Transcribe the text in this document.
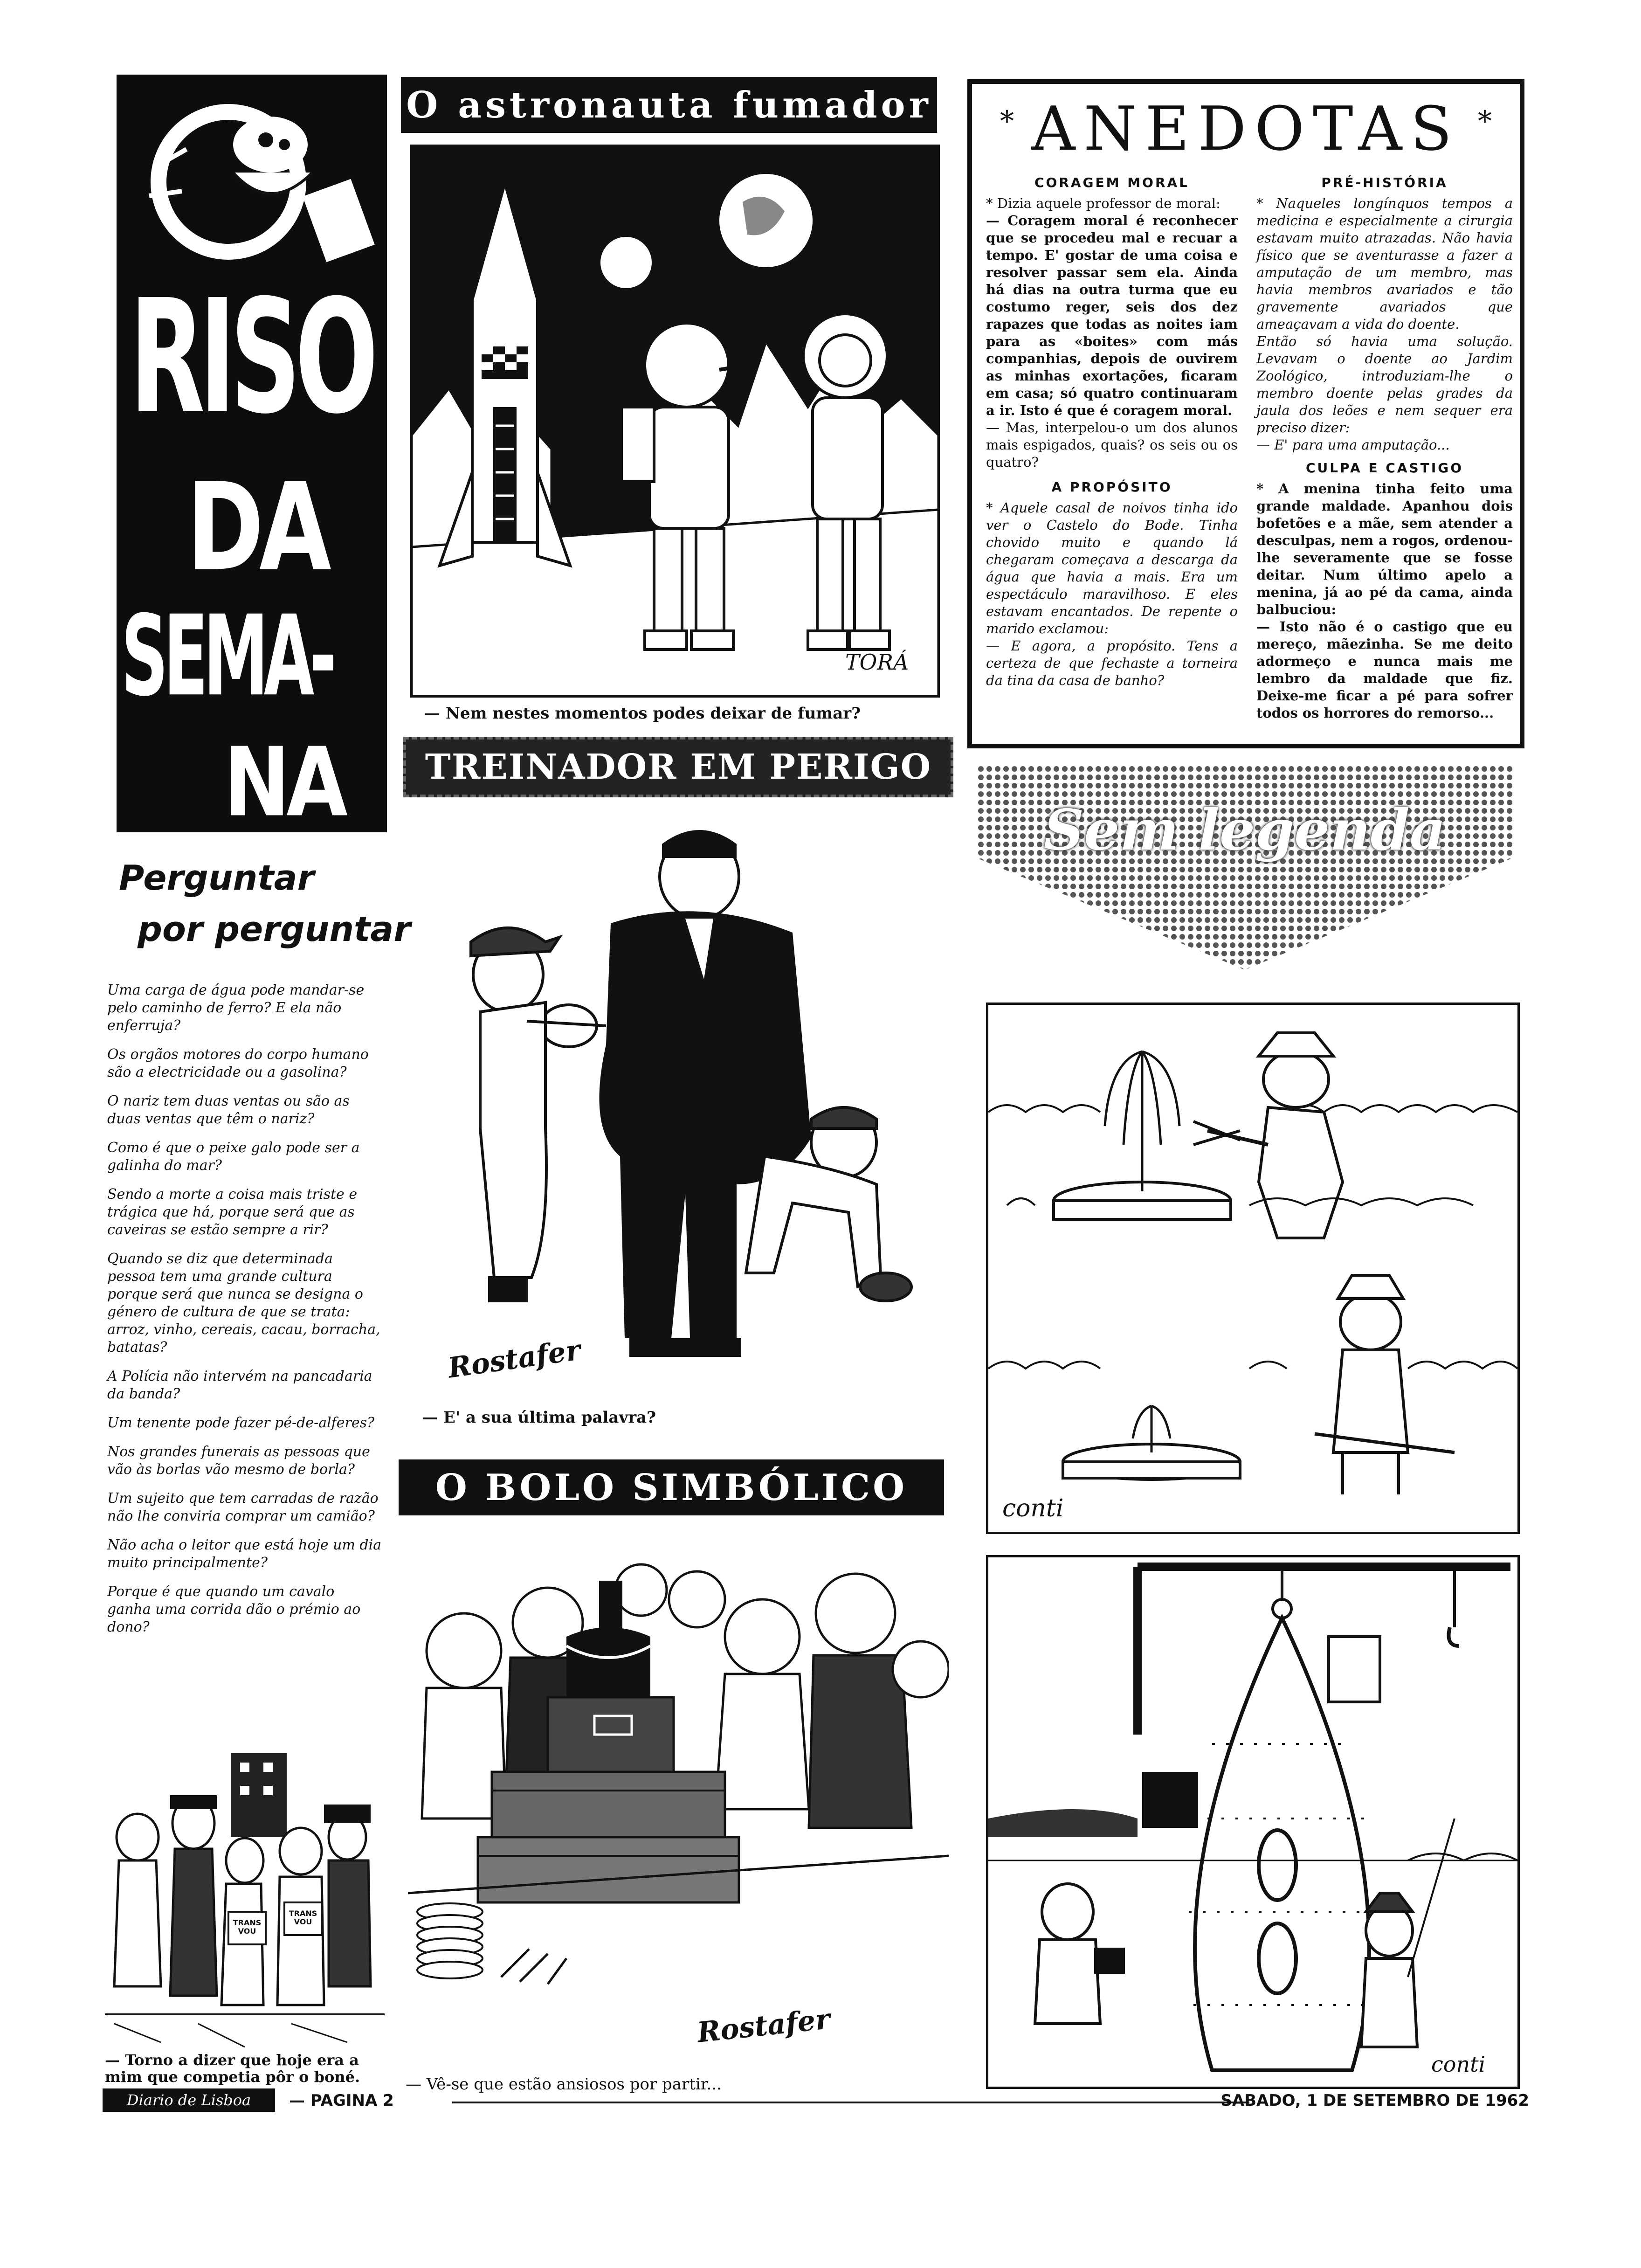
RISO
DA
SEMA-
NA
Perguntar
por perguntar

Uma carga de água pode mandar-se pelo caminho de ferro? E ela não enferruja?

Os orgãos motores do corpo humano são a electricidade ou a gasolina?

O nariz tem duas ventas ou são as duas ventas que têm o nariz?

Como é que o peixe galo pode ser a galinha do mar?

Sendo a morte a coisa mais triste e trágica que há, porque será que as caveiras se estão sempre a rir?

Quando se diz que determinada pessoa tem uma grande cultura porque será que nunca se designa o género de cultura de que se trata: arroz, vinho, cereais, cacau, borracha, batatas?

A Polícia não intervém na pancadaria da banda?

Um tenente pode fazer pé-de-alferes?

Nos grandes funerais as pessoas que vão às borlas vão mesmo de borla?

Um sujeito que tem carradas de razão não lhe conviria comprar um camião?

Não acha o leitor que está hoje um dia muito principalmente?

Porque é que quando um cavalo ganha uma corrida dão o prémio ao dono?

TRANS VOU
TRANS VOU
— Torno a dizer que hoje era a mim que competia pôr o boné.
O astronauta fumador
TORÁ
— Nem nestes momentos podes deixar de fumar?
TREINADOR EM PERIGO
Rostafer
— E' a sua última palavra?
O BOLO SIMBÓLICO
Rostafer
— Vê-se que estão ansiosos por partir...
*	*
ANEDOTAS
CORAGEM MORAL

* Dizia aquele professor de moral:

— Coragem moral é reconhecer que se procedeu mal e recuar a tempo. E' gostar de uma coisa e resolver passar sem ela. Ainda há dias na outra turma que eu costumo reger, seis dos dez rapazes que todas as noites iam para as «boites» com más companhias, depois de ouvirem as minhas exortações, ficaram em casa; só quatro continuaram a ir. Isto é que é coragem moral.

— Mas, interpelou-o um dos alunos mais espigados, quais? os seis ou os quatro?

A PROPÓSITO

* Aquele casal de noivos tinha ido ver o Castelo do Bode. Tinha chovido muito e quando lá chegaram começava a descarga da água que havia a mais. Era um espectáculo maravilhoso. E eles estavam encantados. De repente o marido exclamou:

— E agora, a propósito. Tens a certeza de que fechaste a torneira da tina da casa de banho?

PRÉ-HISTÓRIA

* Naqueles longínquos tempos a medicina e especialmente a cirurgia estavam muito atrazadas. Não havia físico que se aventurasse a fazer a amputação de um membro, mas havia membros avariados e tão gravemente avariados que ameaçavam a vida do doente.

Então só havia uma solução. Levavam o doente ao Jardim Zoológico, introduziam-lhe o membro doente pelas grades da jaula dos leões e nem sequer era preciso dizer:

— E' para uma amputação...

CULPA E CASTIGO

* A menina tinha feito uma grande maldade. Apanhou dois bofetões e a mãe, sem atender a desculpas, nem a rogos, ordenou-lhe severamente que se fosse deitar. Num último apelo a menina, já ao pé da cama, ainda balbuciou:

— Isto não é o castigo que eu mereço, mãezinha. Se me deito adormeço e nunca mais me lembro da maldade que fiz. Deixe-me ficar a pé para sofrer todos os horrores do remorso...

Sem legenda
conti
conti
Diario de Lisboa	— PAGINA 2	SABADO, 1 DE SETEMBRO DE 1962
